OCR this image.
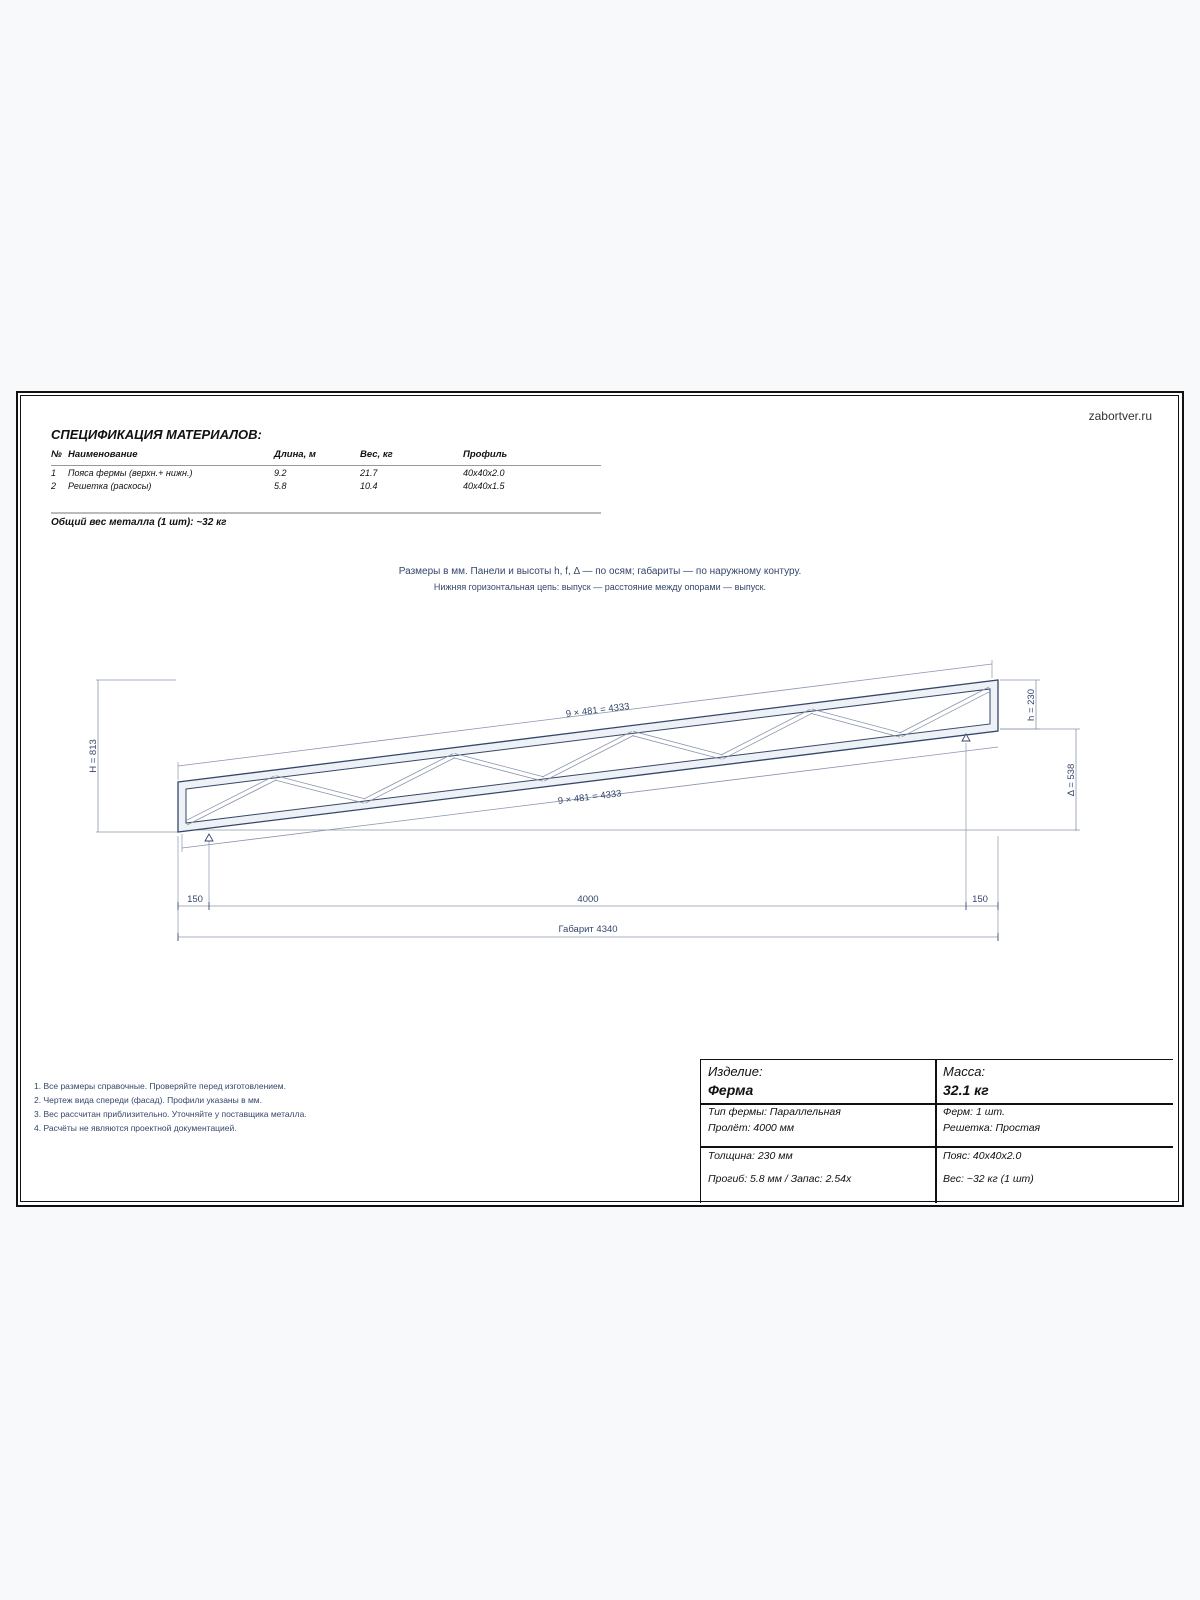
zabortver.ru
СПЕЦИФИКАЦИЯ МАТЕРИАЛОВ:
№ Наименование	Длина, м	Вес, кг	Профиль
1	Пояса фермы (верхн.+ нижн.)	9.2	21.7	40х40х2.0
2	Решетка (раскосы)	5.8	10.4	40х40х1.5
Общий вес металла (1 шт): ~32 кг
Размеры в мм. Панели и высоты h, f, Δ — по осям; габариты — по наружному контуру.
Нижняя горизонтальная цепь: выпуск — расстояние между опорами — выпуск.
9 × 481 = 4333
9 × 481 = 4333
H = 813
h = 230
Δ = 538
150	4000	150
Габарит 4340
1. Все размеры справочные. Проверяйте перед изготовлением.
2. Чертеж вида спереди (фасад). Профили указаны в мм.
3. Вес рассчитан приблизительно. Уточняйте у поставщика металла.
4. Расчёты не являются проектной документацией.
Изделие:
Ферма
Масса:
32.1 кг
Тип фермы: Параллельная
Пролёт: 4000 мм
Ферм: 1 шт.
Решетка: Простая
Толщина: 230 мм
Прогиб: 5.8 мм / Запас: 2.54x
Пояс: 40х40х2.0
Вес: ~32 кг (1 шт)
